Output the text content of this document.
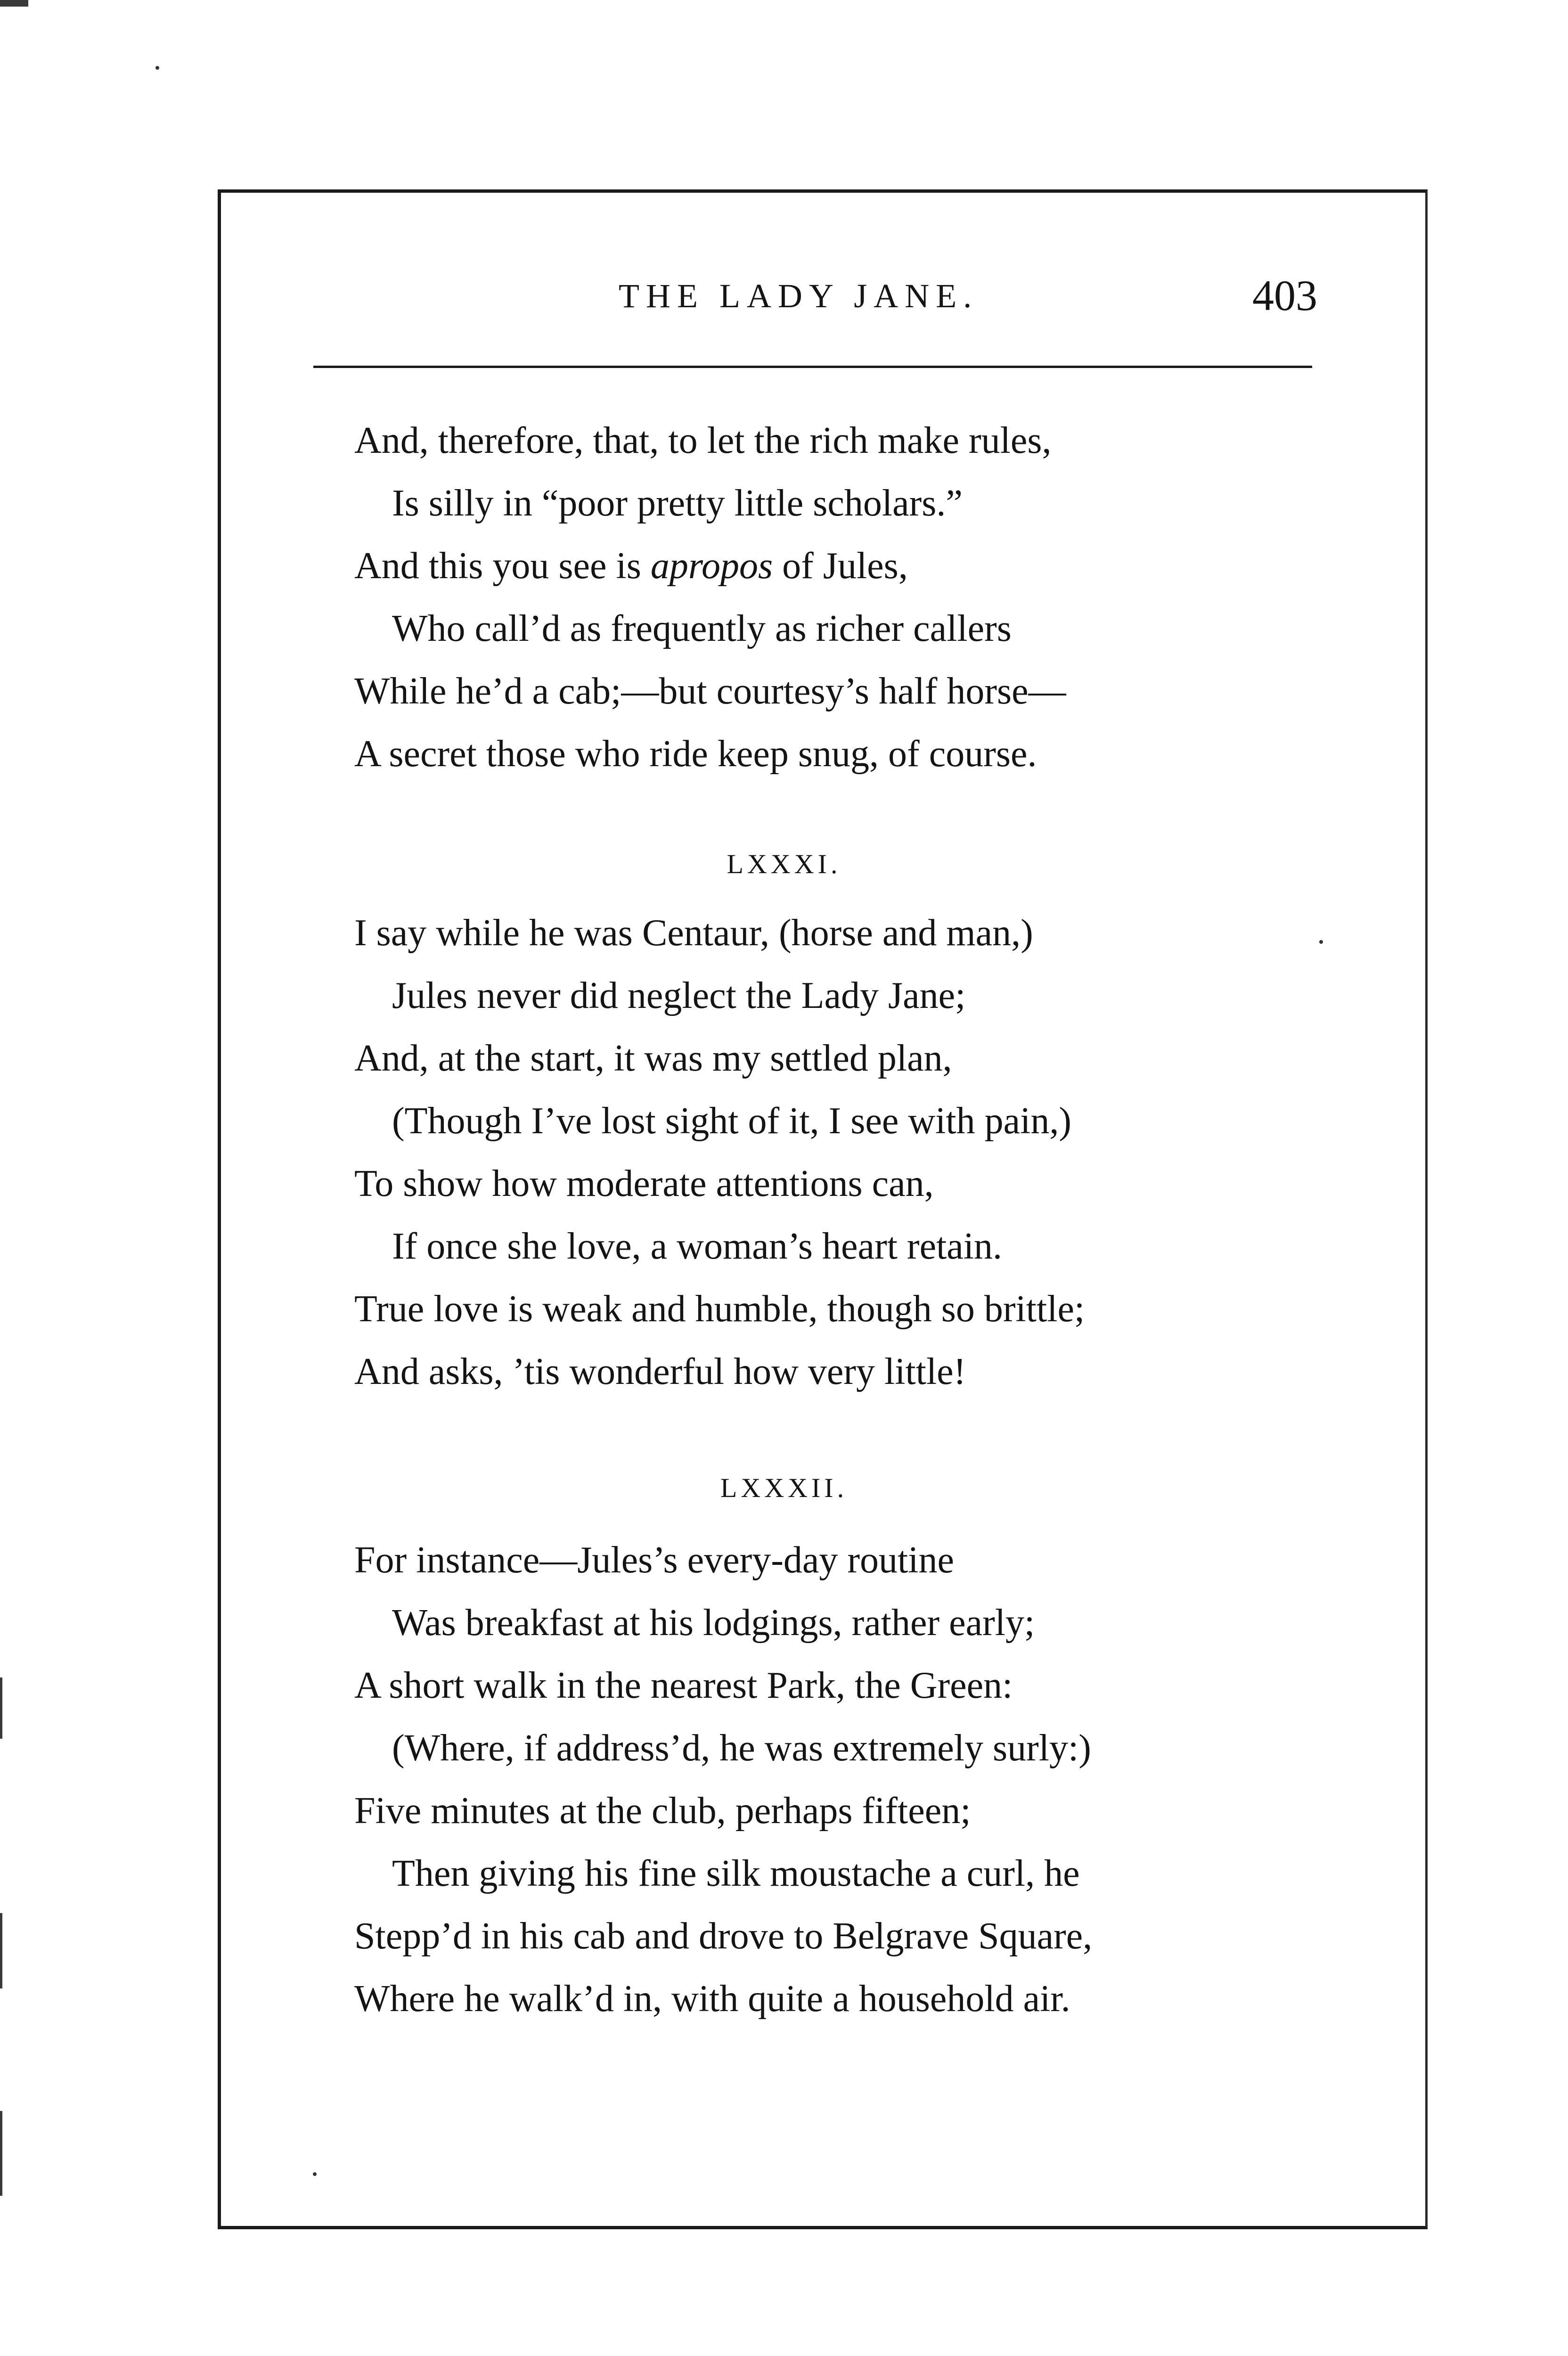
THE LADY JANE.	403
And, therefore, that, to let the rich make rules,
Is silly in “poor pretty little scholars.”
And this you see is apropos of Jules,
Who call’d as frequently as richer callers
While he’d a cab;—but courtesy’s half horse—
A secret those who ride keep snug, of course.
LXXXI.
I say while he was Centaur, (horse and man,)
Jules never did neglect the Lady Jane;
And, at the start, it was my settled plan,
(Though I’ve lost sight of it, I see with pain,)
To show how moderate attentions can,
If once she love, a woman’s heart retain.
True love is weak and humble, though so brittle;
And asks, ’tis wonderful how very little!
LXXXII.
For instance—Jules’s every-day routine
Was breakfast at his lodgings, rather early;
A short walk in the nearest Park, the Green:
(Where, if address’d, he was extremely surly:)
Five minutes at the club, perhaps fifteen;
Then giving his fine silk moustache a curl, he
Stepp’d in his cab and drove to Belgrave Square,
Where he walk’d in, with quite a household air.
